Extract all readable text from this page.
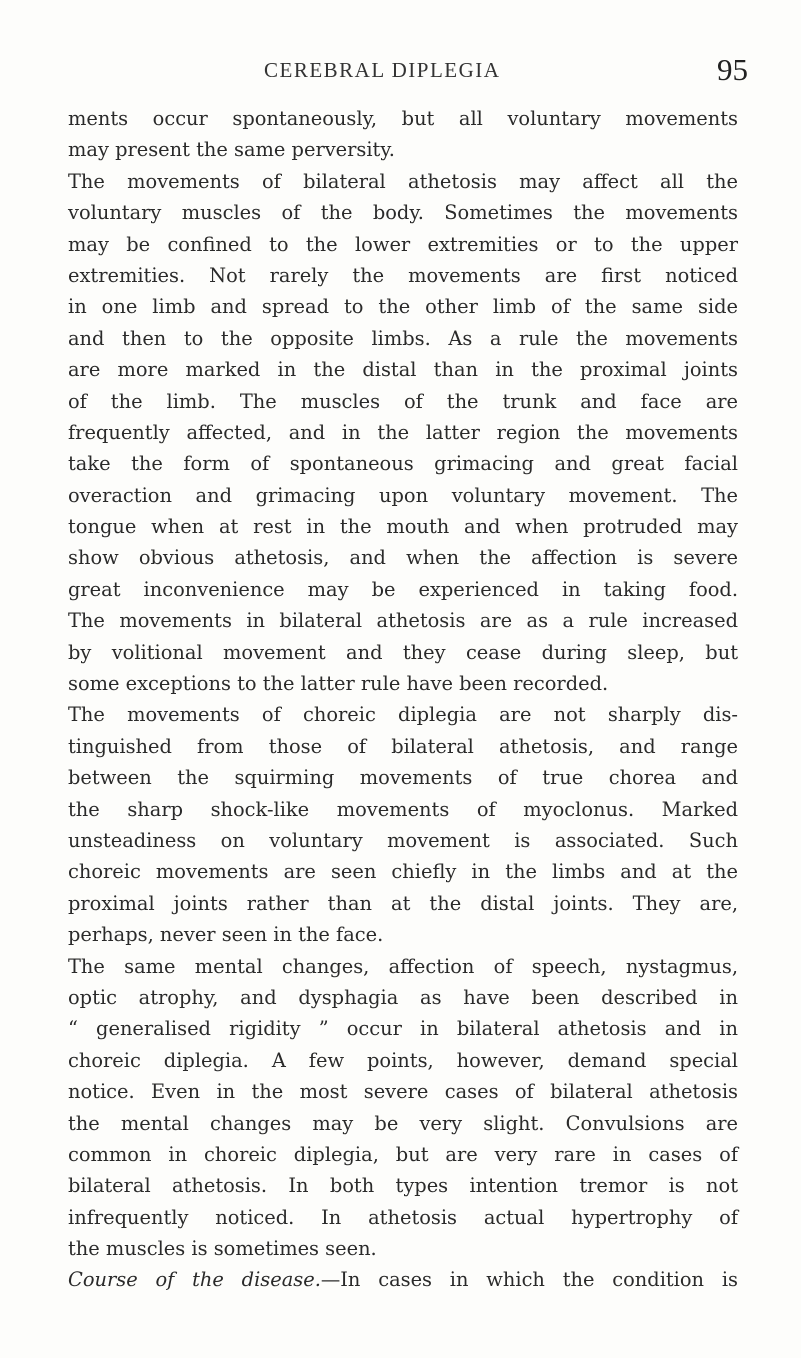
CEREBRAL DIPLEGIA	95
ments occur spontaneously, but all voluntary movements
may present the same perversity.
The movements of bilateral athetosis may affect all the
voluntary muscles of the body. Sometimes the movements
may be confined to the lower extremities or to the upper
extremities. Not rarely the movements are first noticed
in one limb and spread to the other limb of the same side
and then to the opposite limbs. As a rule the movements
are more marked in the distal than in the proximal joints
of the limb. The muscles of the trunk and face are
frequently affected, and in the latter region the movements
take the form of spontaneous grimacing and great facial
overaction and grimacing upon voluntary movement. The
tongue when at rest in the mouth and when protruded may
show obvious athetosis, and when the affection is severe
great inconvenience may be experienced in taking food.
The movements in bilateral athetosis are as a rule increased
by volitional movement and they cease during sleep, but
some exceptions to the latter rule have been recorded.
The movements of choreic diplegia are not sharply dis-
tinguished from those of bilateral athetosis, and range
between the squirming movements of true chorea and
the sharp shock-like movements of myoclonus. Marked
unsteadiness on voluntary movement is associated. Such
choreic movements are seen chiefly in the limbs and at the
proximal joints rather than at the distal joints. They are,
perhaps, never seen in the face.
The same mental changes, affection of speech, nystagmus,
optic atrophy, and dysphagia as have been described in
“ generalised rigidity ” occur in bilateral athetosis and in
choreic diplegia. A few points, however, demand special
notice. Even in the most severe cases of bilateral athetosis
the mental changes may be very slight. Convulsions are
common in choreic diplegia, but are very rare in cases of
bilateral athetosis. In both types intention tremor is not
infrequently noticed. In athetosis actual hypertrophy of
the muscles is sometimes seen.
Course of the disease.—In cases in which the condition is
